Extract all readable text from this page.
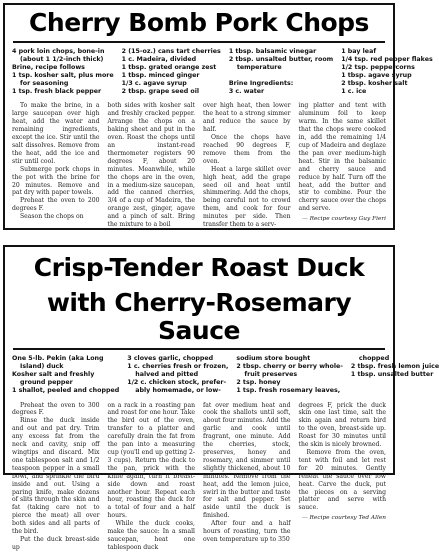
Cherry Bomb Pork Chops
4 pork loin chops, bone-in
(about 1 1/2-inch thick)
Brine, recipe follows
1 tsp. kosher salt, plus more
for seasoning
1 tsp. fresh black pepper
2 (15-oz.) cans tart cherries
1 c. Madeira, divided
1 tbsp. grated orange zest
1 tbsp. minced ginger
1/3 c. agave syrup
2 tbsp. grape seed oil
1 tbsp. balsamic vinegar
2 tbsp. unsalted butter, room
temperature
Brine Ingredients:
3 c. water
1 bay leaf
1/4 tsp. red pepper flakes
1/2 tsp. peppercorns
1 tbsp. agave syrup
2 tbsp. kosher salt
1 c. ice

To make the brine, in a large saucepan over high heat, add the water and remaining ingredients, except the ice. Stir until the salt dissolves. Remove from the heat, add the ice and stir until cool.

Submerge pork chops in the pot with the brine for 20 minutes. Remove and pat dry with paper towels.

Preheat the oven to 200 degrees F.

Season the chops on

both sides with kosher salt and freshly cracked pepper. Arrange the chops on a baking sheet and put in the oven. Roast the chops until an instant-read thermometer registers 90 degrees F, about 20 minutes. Meanwhile, while the chops are in the oven, in a medium-size saucepan, add the canned cherries, 3/4 of a cup of Madeira, the orange zest, ginger, agave and a pinch of salt. Bring the mixture to a boil

over high heat, then lower the heat to a strong simmer and reduce the sauce by half.

Once the chops have reached 90 degrees F, remove them from the oven.

Heat a large skillet over high heat, add the grape seed oil and heat until shimmering. Add the chops, being careful not to crowd them, and cook for four minutes per side. Then transfer them to a serv-

ing platter and tent with aluminum foil to keep warm. In the same skillet that the chops were cooked in, add the remaining 1/4 cup of Madeira and deglaze the pan over medium-high heat. Stir in the balsamic and cherry sauce and reduce by half. Turn off the heat, add the butter and stir to combine. Pour the cherry sauce over the chops and serve.

— Recipe courtesy Guy Fieri
Crisp-Tender Roast Duck
with Cherry-Rosemary Sauce
One 5-lb. Pekin (aka Long
Island) duck
Kosher salt and freshly
ground pepper
1 shallot, peeled and chopped
3 cloves garlic, chopped
1 c. cherries fresh or frozen,
halved and pitted
1/2 c. chicken stock, prefer-
ably homemade, or low-
sodium store bought
2 tbsp. cherry or berry whole-
fruit preserves
2 tsp. honey
1 tsp. fresh rosemary leaves,
chopped
2 tbsp. fresh lemon juice
1 tbsp. unsalted butter

Preheat the oven to 300 degrees F.

Rinse the duck inside and out and pat dry. Trim any excess fat from the neck and cavity, snip off wingtips and discard. Mix one tablespoon salt and 1/2 teaspoon pepper in a small bowl, and sprinkle the bird inside and out. Using a paring knife, make dozens of slits through the skin and fat (taking care not to pierce the meat) all over both sides and all parts of the bird.

Put the duck breast-side up

on a rack in a roasting pan and roast for one hour. Take the bird out of the oven, transfer to a platter and carefully drain the fat from the pan into a measuring cup (you'll end up getting 2-3 cups). Return the duck to the pan, prick with the knife again, turn it breast-side down and roast another hour. Repeat each hour, roasting the duck for a total of four and a half hours.

While the duck cooks, make the sauce: In a small saucepan, heat one tablespoon duck

fat over medium heat and cook the shallots until soft, about four minutes. Add the garlic and cook until fragrant, one minute. Add the cherries, stock, preserves, honey and rosemary, and simmer until slightly thickened, about 10 minutes. Remove from the heat, add the lemon juice, swirl in the butter and taste for salt and pepper. Set aside until the duck is finished.

After four and a half hours of roasting, turn the oven temperature up to 350

degrees F, prick the duck skin one last time, salt the skin again and return bird to the oven, breast-side up. Roast for 30 minutes until the skin is nicely browned.

Remove from the oven, tent with foil and let rest for 20 minutes. Gently reheat the sauce over low heat. Carve the duck, put the pieces on a serving platter and serve with sauce.

— Recipe courtesy Ted Allen
